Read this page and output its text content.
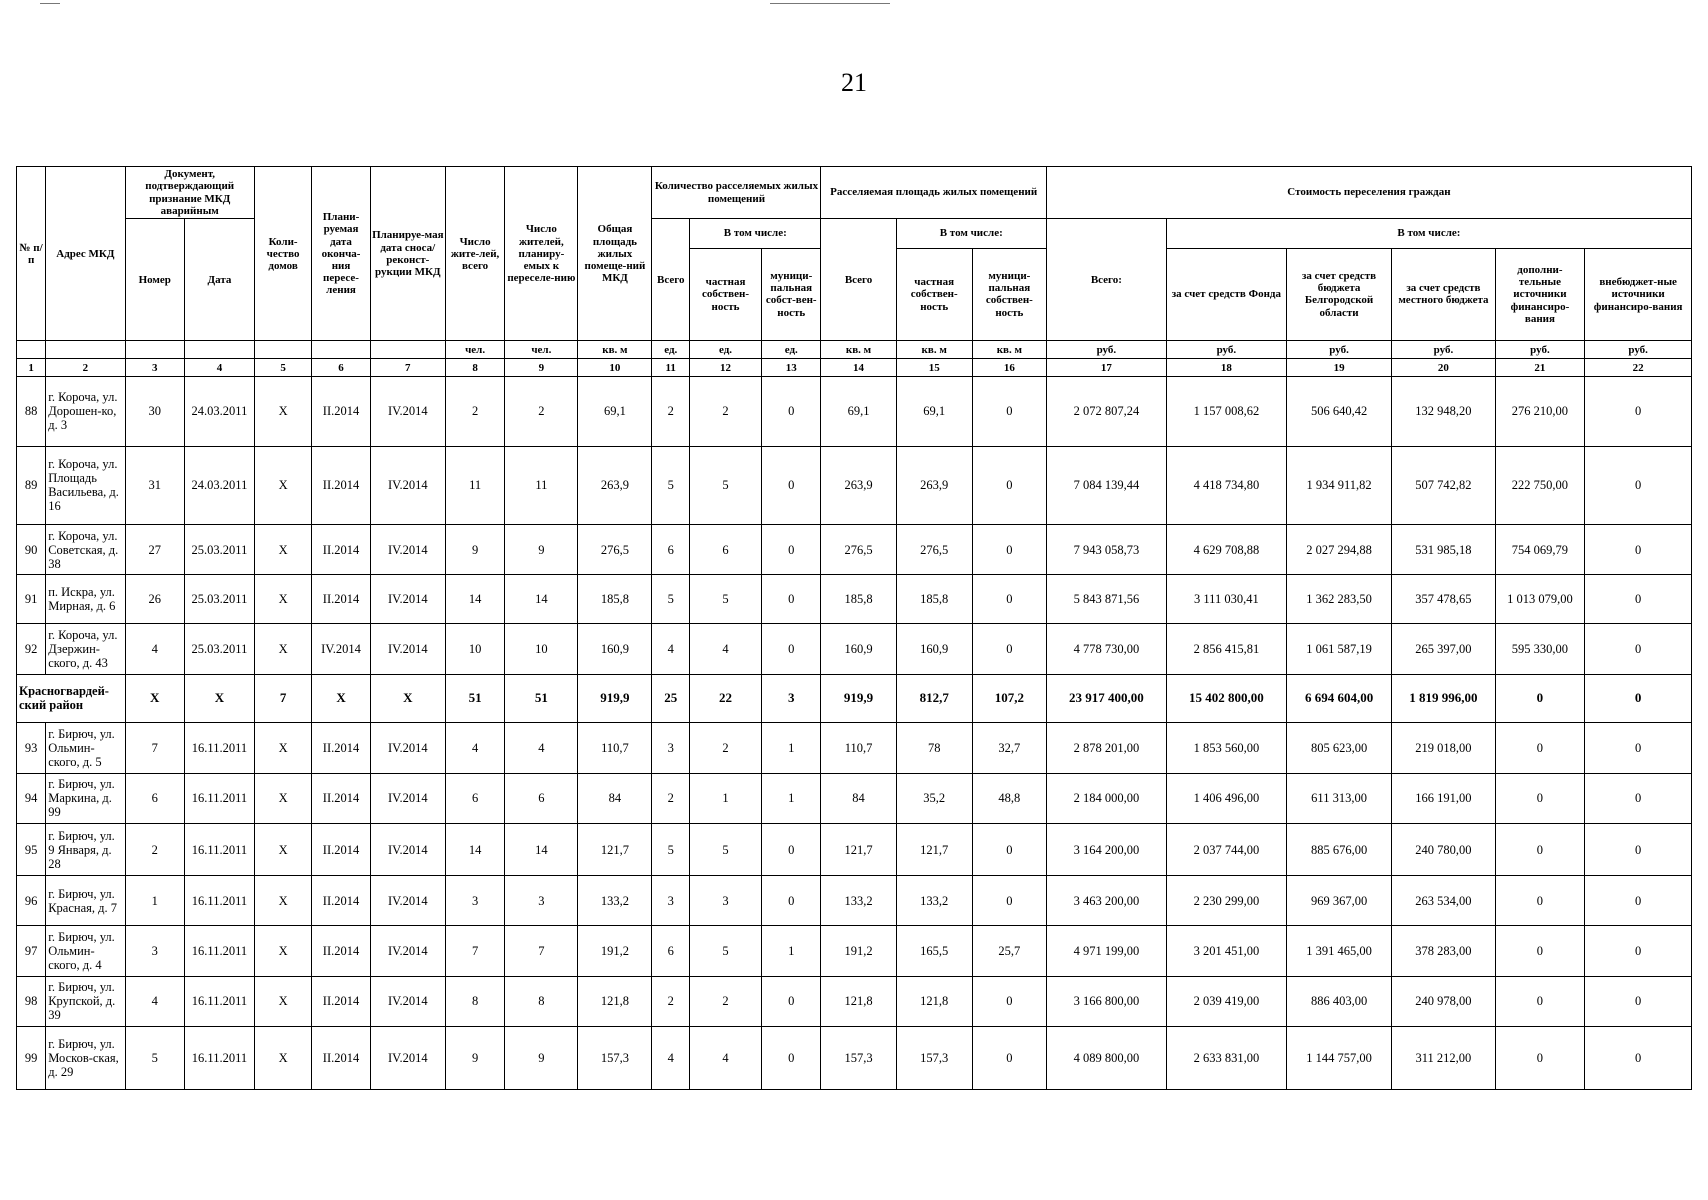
21
№ п/п	Адрес МКД	Документ, подтверждающий признание МКД аварийным		Коли-чество домов	Плани-руемая дата оконча-ния пересе-ления	Планируе-мая дата сноса/ реконст-рукции МКД	Число жите-лей, всего	Число жителей, планиру-емых к переселе-нию	Общая площадь жилых помеще-ний МКД	Количество расселяемых жилых помещений			Расселяемая площадь жилых помещений			Стоимость переселения граждан					
		Номер	Дата							Всего	В том числе:		Всего	В том числе:		Всего:	В том числе:				
											частная собствен-ность	муници-пальная собст-вен-ность		частная собствен-ность	муници-пальная собствен-ность		за счет средств Фонда	за счет средств бюджета Белгородской области	за счет средств местного бюджета	дополни-тельные источники финансиро-вания	внебюджет-ные источники финансиро-вания
							чел.	чел.	кв. м	ед.	ед.	ед.	кв. м	кв. м	кв. м	руб.	руб.	руб.	руб.	руб.	руб.
1	2	3	4	5	6	7	8	9	10	11	12	13	14	15	16	17	18	19	20	21	22
88	г. Короча, ул. Дорошен-ко, д. 3	30	24.03.2011	X	II.2014	IV.2014	2	2	69,1	2	2	0	69,1	69,1	0	2 072 807,24	1 157 008,62	506 640,42	132 948,20	276 210,00	0
89	г. Короча, ул. Площадь Васильева, д. 16	31	24.03.2011	X	II.2014	IV.2014	11	11	263,9	5	5	0	263,9	263,9	0	7 084 139,44	4 418 734,80	1 934 911,82	507 742,82	222 750,00	0
90	г. Короча, ул. Советская, д. 38	27	25.03.2011	X	II.2014	IV.2014	9	9	276,5	6	6	0	276,5	276,5	0	7 943 058,73	4 629 708,88	2 027 294,88	531 985,18	754 069,79	0
91	п. Искра, ул. Мирная, д. 6	26	25.03.2011	X	II.2014	IV.2014	14	14	185,8	5	5	0	185,8	185,8	0	5 843 871,56	3 111 030,41	1 362 283,50	357 478,65	1 013 079,00	0
92	г. Короча, ул. Дзержин-ского, д. 43	4	25.03.2011	X	IV.2014	IV.2014	10	10	160,9	4	4	0	160,9	160,9	0	4 778 730,00	2 856 415,81	1 061 587,19	265 397,00	595 330,00	0
Красногвардей-ский район		X	X	7	X	X	51	51	919,9	25	22	3	919,9	812,7	107,2	23 917 400,00	15 402 800,00	6 694 604,00	1 819 996,00	0	0
93	г. Бирюч, ул. Ольмин-ского, д. 5	7	16.11.2011	X	II.2014	IV.2014	4	4	110,7	3	2	1	110,7	78	32,7	2 878 201,00	1 853 560,00	805 623,00	219 018,00	0	0
94	г. Бирюч, ул. Маркина, д. 99	6	16.11.2011	X	II.2014	IV.2014	6	6	84	2	1	1	84	35,2	48,8	2 184 000,00	1 406 496,00	611 313,00	166 191,00	0	0
95	г. Бирюч, ул. 9 Января, д. 28	2	16.11.2011	X	II.2014	IV.2014	14	14	121,7	5	5	0	121,7	121,7	0	3 164 200,00	2 037 744,00	885 676,00	240 780,00	0	0
96	г. Бирюч, ул. Красная, д. 7	1	16.11.2011	X	II.2014	IV.2014	3	3	133,2	3	3	0	133,2	133,2	0	3 463 200,00	2 230 299,00	969 367,00	263 534,00	0	0
97	г. Бирюч, ул. Ольмин-ского, д. 4	3	16.11.2011	X	II.2014	IV.2014	7	7	191,2	6	5	1	191,2	165,5	25,7	4 971 199,00	3 201 451,00	1 391 465,00	378 283,00	0	0
98	г. Бирюч, ул. Крупской, д. 39	4	16.11.2011	X	II.2014	IV.2014	8	8	121,8	2	2	0	121,8	121,8	0	3 166 800,00	2 039 419,00	886 403,00	240 978,00	0	0
99	г. Бирюч, ул. Москов-ская, д. 29	5	16.11.2011	X	II.2014	IV.2014	9	9	157,3	4	4	0	157,3	157,3	0	4 089 800,00	2 633 831,00	1 144 757,00	311 212,00	0	0
